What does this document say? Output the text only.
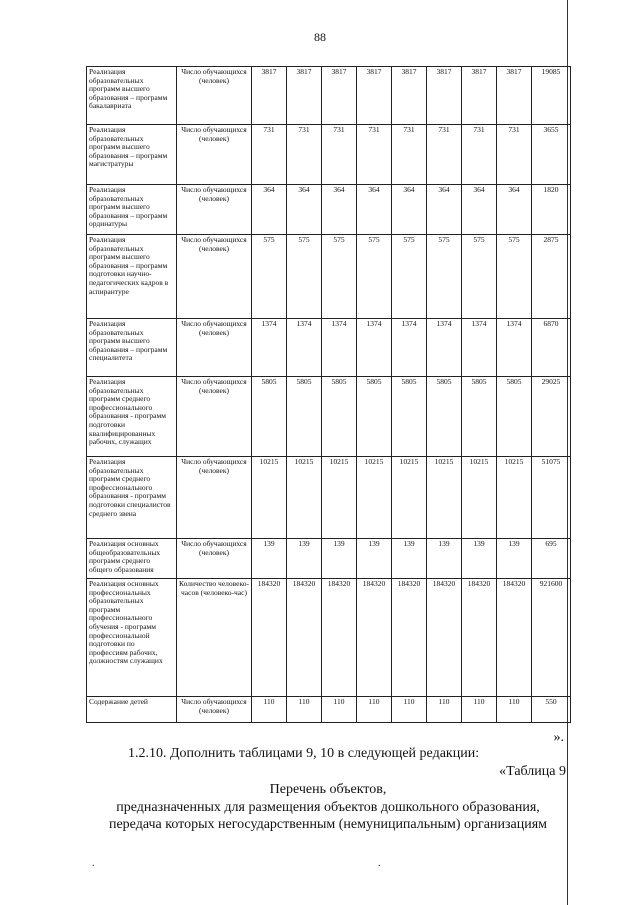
88
Реализация образовательных программ высшего образования – программ бакалавриата	Число обучающихся (человек)	3817	3817	3817	3817	3817	3817	3817	3817	19085
Реализация образовательных программ высшего образования – программ магистратуры	Число обучающихся (человек)	731	731	731	731	731	731	731	731	3655
Реализация образовательных программ высшего образования – программ ординатуры	Число обучающихся (человек)	364	364	364	364	364	364	364	364	1820
Реализация образовательных программ высшего образования – программ подготовки научно-педагогических кадров в аспирантуре	Число обучающихся (человек)	575	575	575	575	575	575	575	575	2875
Реализация образовательных программ высшего образования – программ специалитета	Число обучающихся (человек)	1374	1374	1374	1374	1374	1374	1374	1374	6870
Реализация образовательных программ среднего профессионального образования - программ подготовки квалифицированных рабочих, служащих	Число обучающихся (человек)	5805	5805	5805	5805	5805	5805	5805	5805	29025
Реализация образовательных программ среднего профессионального образования - программ подготовки специалистов среднего звена	Число обучающихся (человек)	10215	10215	10215	10215	10215	10215	10215	10215	51075
Реализация основных общеобразовательных программ среднего общего образования	Число обучающихся (человек)	139	139	139	139	139	139	139	139	695
Реализация основных профессиональных образовательных программ профессионального обучения - программ профессиональной подготовки по профессиям рабочих, должностям служащих	Количество человеко-часов (человеко-час)	184320	184320	184320	184320	184320	184320	184320	184320	921600
Содержание детей	Число обучающихся (человек)	110	110	110	110	110	110	110	110	550
».
1.2.10. Дополнить таблицами 9, 10 в следующей редакции:
«Таблица 9
Перечень объектов,
предназначенных для размещения объектов дошкольного образования,
передача которых негосударственным (немуниципальным) организациям
.	.
